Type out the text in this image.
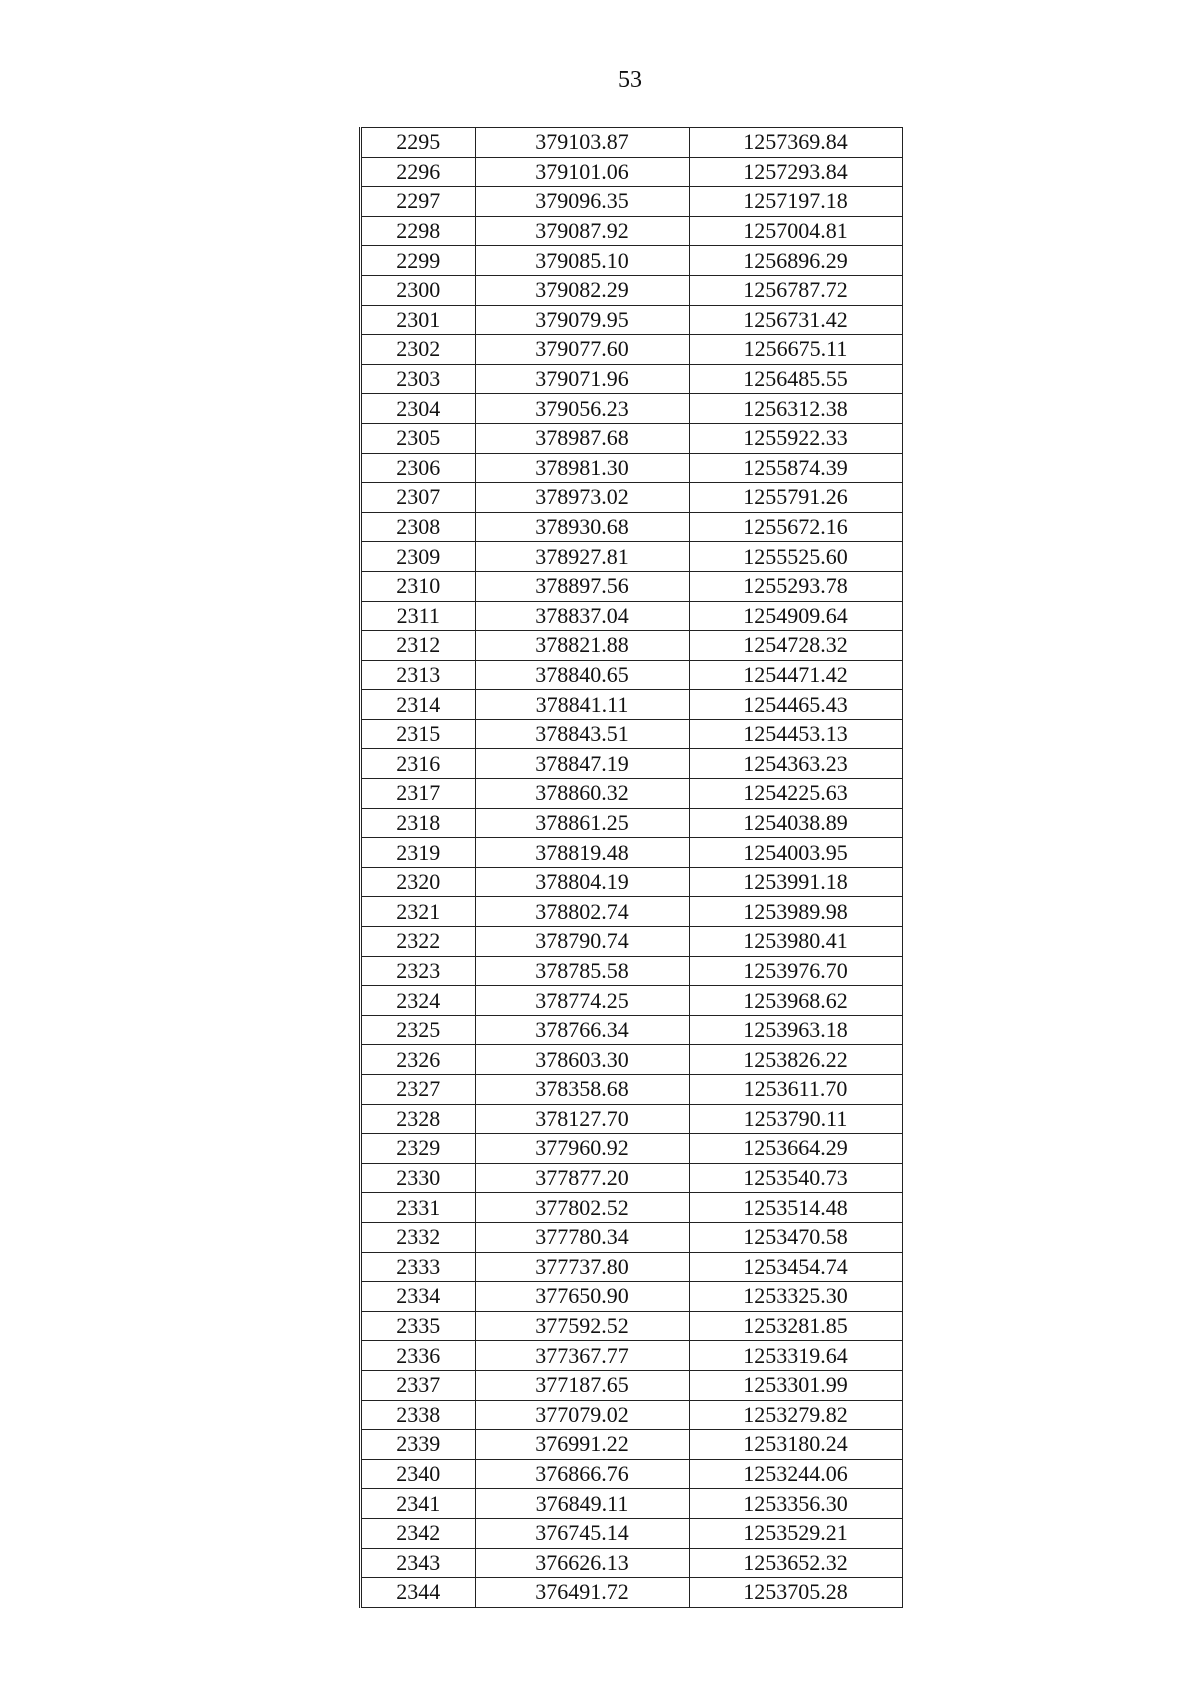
53
2295	379103.87	1257369.84
2296	379101.06	1257293.84
2297	379096.35	1257197.18
2298	379087.92	1257004.81
2299	379085.10	1256896.29
2300	379082.29	1256787.72
2301	379079.95	1256731.42
2302	379077.60	1256675.11
2303	379071.96	1256485.55
2304	379056.23	1256312.38
2305	378987.68	1255922.33
2306	378981.30	1255874.39
2307	378973.02	1255791.26
2308	378930.68	1255672.16
2309	378927.81	1255525.60
2310	378897.56	1255293.78
2311	378837.04	1254909.64
2312	378821.88	1254728.32
2313	378840.65	1254471.42
2314	378841.11	1254465.43
2315	378843.51	1254453.13
2316	378847.19	1254363.23
2317	378860.32	1254225.63
2318	378861.25	1254038.89
2319	378819.48	1254003.95
2320	378804.19	1253991.18
2321	378802.74	1253989.98
2322	378790.74	1253980.41
2323	378785.58	1253976.70
2324	378774.25	1253968.62
2325	378766.34	1253963.18
2326	378603.30	1253826.22
2327	378358.68	1253611.70
2328	378127.70	1253790.11
2329	377960.92	1253664.29
2330	377877.20	1253540.73
2331	377802.52	1253514.48
2332	377780.34	1253470.58
2333	377737.80	1253454.74
2334	377650.90	1253325.30
2335	377592.52	1253281.85
2336	377367.77	1253319.64
2337	377187.65	1253301.99
2338	377079.02	1253279.82
2339	376991.22	1253180.24
2340	376866.76	1253244.06
2341	376849.11	1253356.30
2342	376745.14	1253529.21
2343	376626.13	1253652.32
2344	376491.72	1253705.28
